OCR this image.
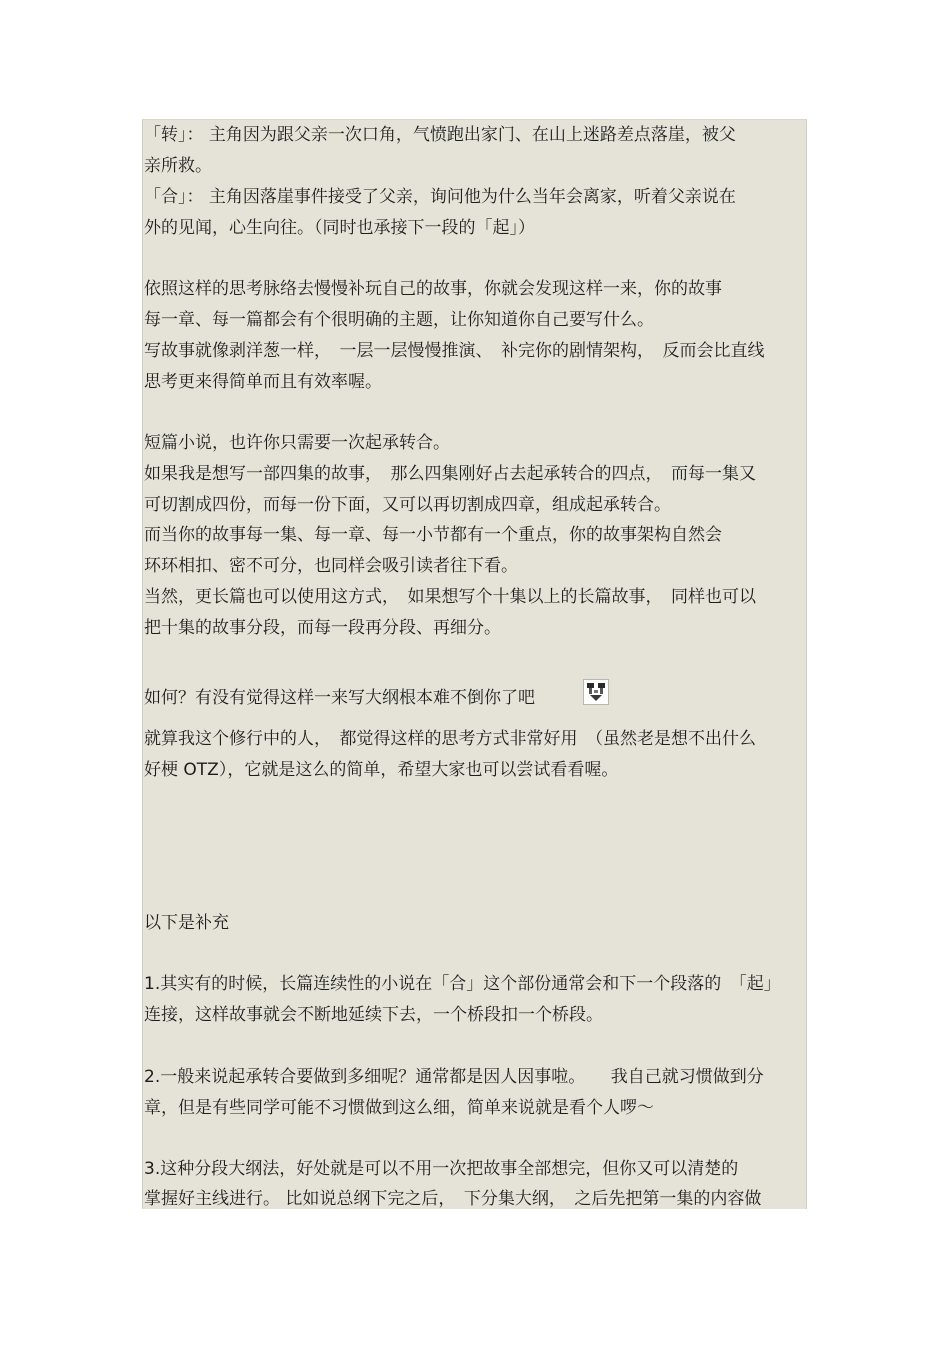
「转」： 主角因为跟父亲一次口角，气愤跑出家门、在山上迷路差点落崖，被父
亲所救。
「合」： 主角因落崖事件接受了父亲，询问他为什么当年会离家，听着父亲说在
外的见闻，心生向往。（同时也承接下一段的「起」）
依照这样的思考脉络去慢慢补玩自己的故事，你就会发现这样一来，你的故事
每一章、每一篇都会有个很明确的主题，让你知道你自己要写什么。
写故事就像剥洋葱一样，　一层一层慢慢推演、　补完你的剧情架构，　反而会比直线
思考更来得简单而且有效率喔。
短篇小说，也许你只需要一次起承转合。
如果我是想写一部四集的故事，　那么四集刚好占去起承转合的四点，　而每一集又
可切割成四份，而每一份下面，又可以再切割成四章，组成起承转合。
而当你的故事每一集、每一章、每一小节都有一个重点，你的故事架构自然会
环环相扣、密不可分，也同样会吸引读者往下看。
当然，更长篇也可以使用这方式，　如果想写个十集以上的长篇故事，　同样也可以
把十集的故事分段，而每一段再分段、再细分。
如何？有没有觉得这样一来写大纲根本难不倒你了吧
就算我这个修行中的人，　都觉得这样的思考方式非常好用　（虽然老是想不出什么
好梗 OTZ），它就是这么的简单，希望大家也可以尝试看看喔。
以下是补充
1.其实有的时候，长篇连续性的小说在「合」这个部份通常会和下一个段落的　「起」
连接，这样故事就会不断地延续下去，一个桥段扣一个桥段。
2.一般来说起承转合要做到多细呢？通常都是因人因事啦。　　我自己就习惯做到分
章，但是有些同学可能不习惯做到这么细，简单来说就是看个人啰～
3.这种分段大纲法，好处就是可以不用一次把故事全部想完，但你又可以清楚的
掌握好主线进行。 比如说总纲下完之后，　下分集大纲，　之后先把第一集的内容做
